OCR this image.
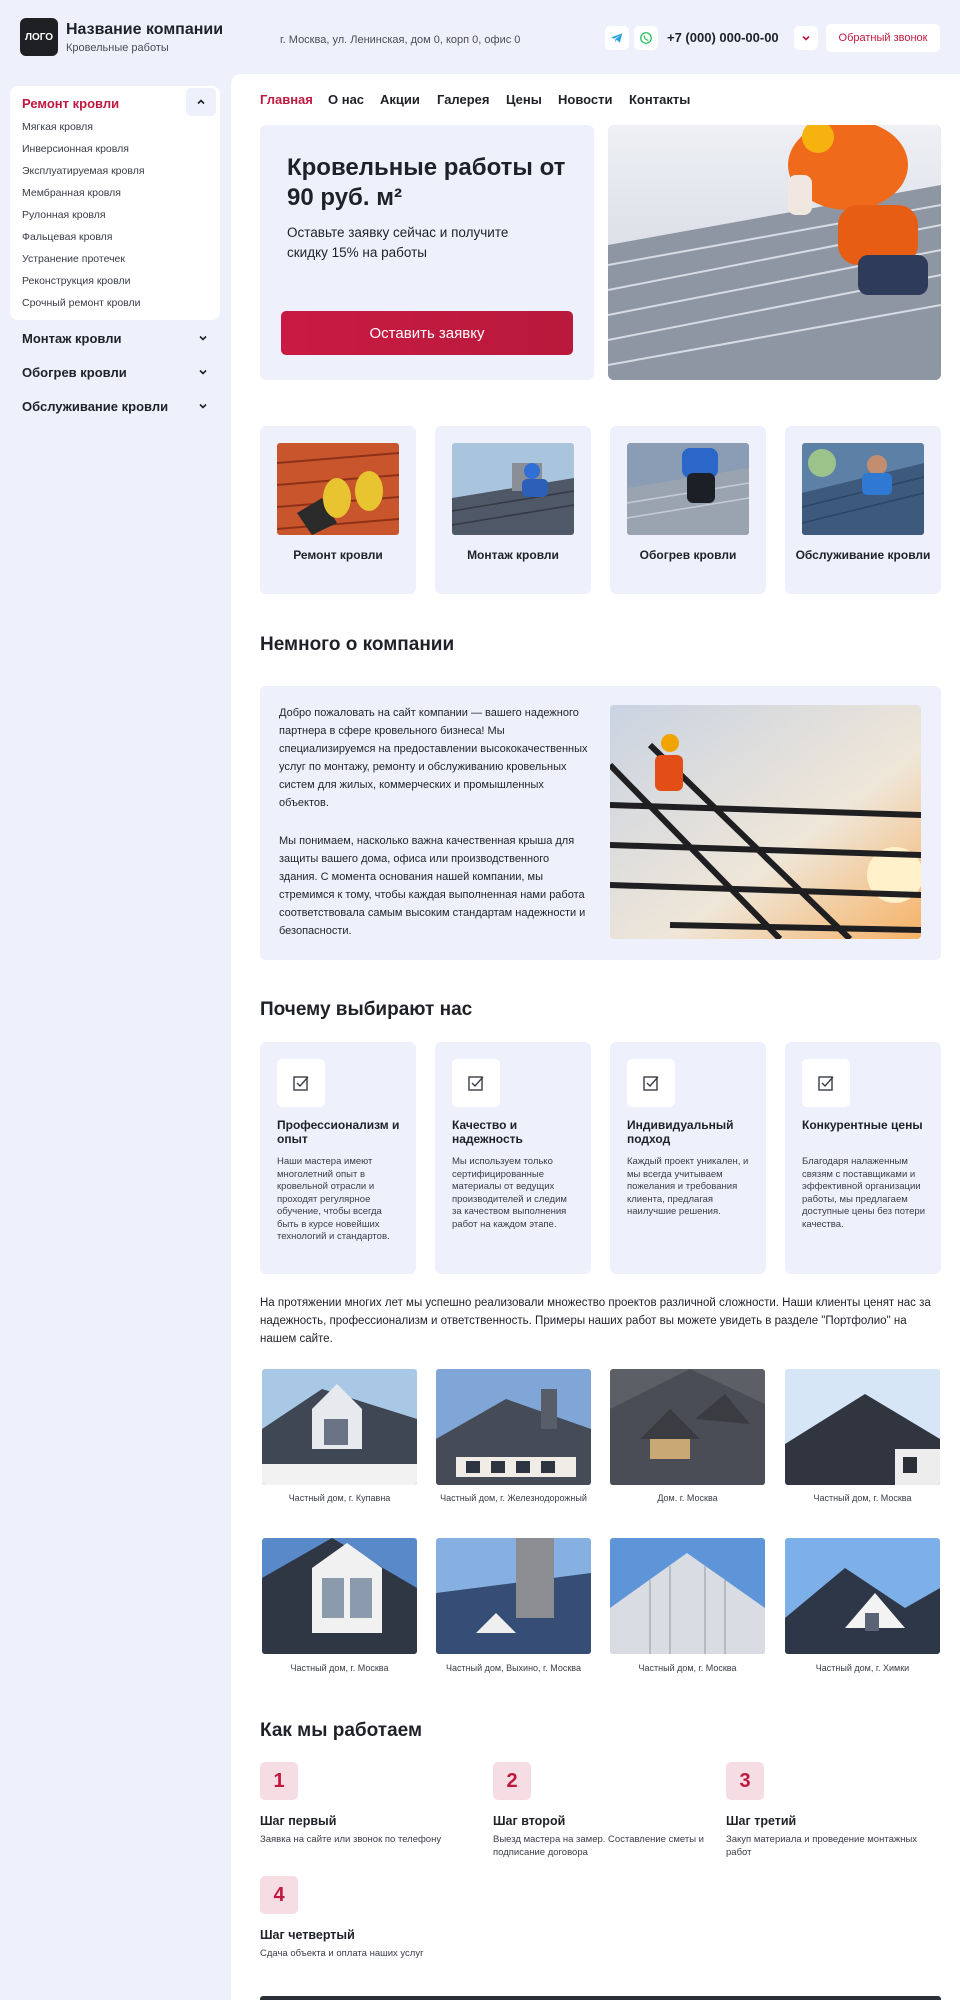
ЛОГО Название компании
Кровельные работы
г. Москва, ул. Ленинская, дом 0, корп 0, офис 0	+7 (000) 000-00-00	Обратный звонок
Ремонт кровли
Мягкая кровля
Инверсионная кровля
Эксплуатируемая кровля
Мембранная кровля
Рулонная кровля
Фальцевая кровля
Устранение протечек
Реконструкция кровли
Срочный ремонт кровли
Монтаж кровли
Обогрев кровли
Обслуживание кровли
Главная О нас Акции Галерея Цены Новости Контакты
Кровельные работы от 90 руб. м²
Оставьте заявку сейчас и получите скидку 15% на работы
Оставить заявку
Ремонт кровли	Монтаж кровли	Обогрев кровли	Обслуживание кровли
Немного о компании
Добро пожаловать на сайт компании — вашего надежного партнера в сфере кровельного бизнеса! Мы специализируемся на предоставлении высококачественных услуг по монтажу, ремонту и обслуживанию кровельных систем для жилых, коммерческих и промышленных объектов.
Мы понимаем, насколько важна качественная крыша для защиты вашего дома, офиса или производственного здания. С момента основания нашей компании, мы стремимся к тому, чтобы каждая выполненная нами работа соответствовала самым высоким стандартам надежности и безопасности.
Почему выбирают нас
Профессионализм и опыт
Наши мастера имеют многолетний опыт в кровельной отрасли и проходят регулярное обучение, чтобы всегда быть в курсе новейших технологий и стандартов.
Качество и надежность
Мы используем только сертифицированные материалы от ведущих производителей и следим за качеством выполнения работ на каждом этапе.
Индивидуальный подход
Каждый проект уникален, и мы всегда учитываем пожелания и требования клиента, предлагая наилучшие решения.
Конкурентные цены
Благодаря налаженным связям с поставщиками и эффективной организации работы, мы предлагаем доступные цены без потери качества.
На протяжении многих лет мы успешно реализовали множество проектов различной сложности. Наши клиенты ценят нас за надежность, профессионализм и ответственность. Примеры наших работ вы можете увидеть в разделе "Портфолио" на нашем сайте.
Частный дом, г. Купавна	Частный дом, г. Железнодорожный	Дом. г. Москва	Частный дом, г. Москва
Частный дом, г. Москва	Частный дом, Выхино, г. Москва	Частный дом, г. Москва	Частный дом, г. Химки
Как мы работаем
1
Шаг первый
Заявка на сайте или звонок по телефону
2
Шаг второй
Выезд мастера на замер. Составление сметы и подписание договора
3
Шаг третий
Закуп материала и проведение монтажных работ
4
Шаг четвертый
Сдача объекта и оплата наших услуг
